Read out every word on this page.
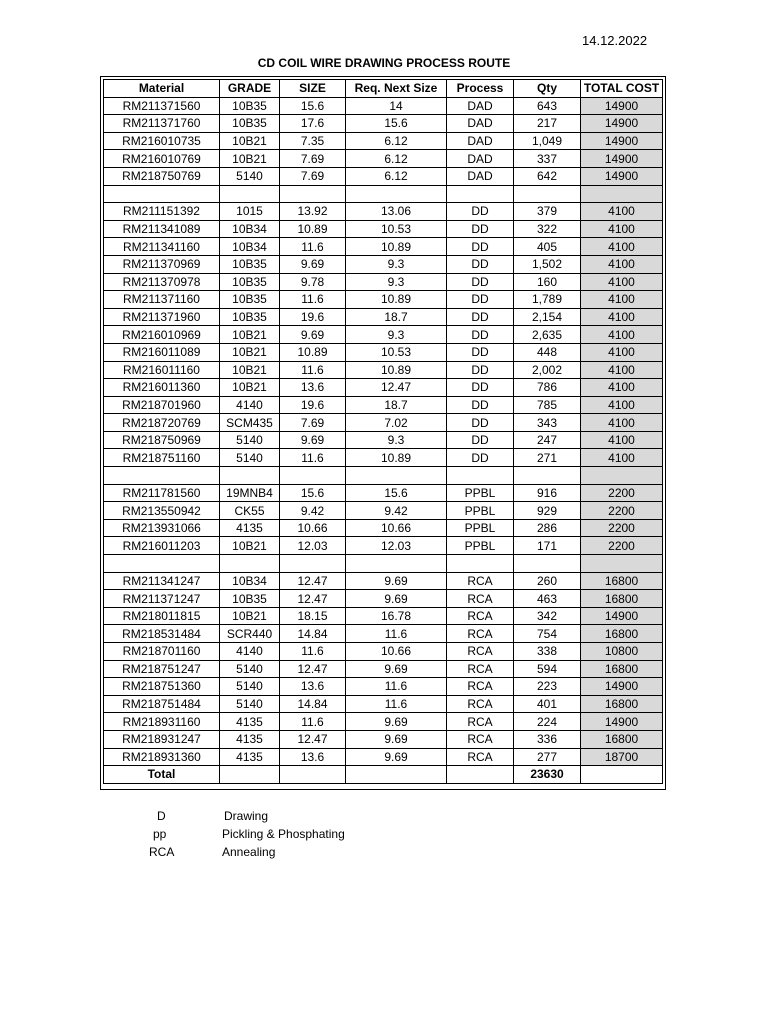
14.12.2022
CD COIL WIRE DRAWING PROCESS ROUTE
Material	GRADE	SIZE	Req. Next Size	Process	Qty	TOTAL COST
RM211371560	10B35	15.6	14	DAD	643	14900
RM211371760	10B35	17.6	15.6	DAD	217	14900
RM216010735	10B21	7.35	6.12	DAD	1,049	14900
RM216010769	10B21	7.69	6.12	DAD	337	14900
RM218750769	5140	7.69	6.12	DAD	642	14900

RM211151392	1015	13.92	13.06	DD	379	4100
RM211341089	10B34	10.89	10.53	DD	322	4100
RM211341160	10B34	11.6	10.89	DD	405	4100
RM211370969	10B35	9.69	9.3	DD	1,502	4100
RM211370978	10B35	9.78	9.3	DD	160	4100
RM211371160	10B35	11.6	10.89	DD	1,789	4100
RM211371960	10B35	19.6	18.7	DD	2,154	4100
RM216010969	10B21	9.69	9.3	DD	2,635	4100
RM216011089	10B21	10.89	10.53	DD	448	4100
RM216011160	10B21	11.6	10.89	DD	2,002	4100
RM216011360	10B21	13.6	12.47	DD	786	4100
RM218701960	4140	19.6	18.7	DD	785	4100
RM218720769	SCM435	7.69	7.02	DD	343	4100
RM218750969	5140	9.69	9.3	DD	247	4100
RM218751160	5140	11.6	10.89	DD	271	4100

RM211781560	19MNB4	15.6	15.6	PPBL	916	2200
RM213550942	CK55	9.42	9.42	PPBL	929	2200
RM213931066	4135	10.66	10.66	PPBL	286	2200
RM216011203	10B21	12.03	12.03	PPBL	171	2200

RM211341247	10B34	12.47	9.69	RCA	260	16800
RM211371247	10B35	12.47	9.69	RCA	463	16800
RM218011815	10B21	18.15	16.78	RCA	342	14900
RM218531484	SCR440	14.84	11.6	RCA	754	16800
RM218701160	4140	11.6	10.66	RCA	338	10800
RM218751247	5140	12.47	9.69	RCA	594	16800
RM218751360	5140	13.6	11.6	RCA	223	14900
RM218751484	5140	14.84	11.6	RCA	401	16800
RM218931160	4135	11.6	9.69	RCA	224	14900
RM218931247	4135	12.47	9.69	RCA	336	16800
RM218931360	4135	13.6	9.69	RCA	277	18700
Total					23630	
D	Drawing
pp	Pickling & Phosphating
RCA	Annealing
